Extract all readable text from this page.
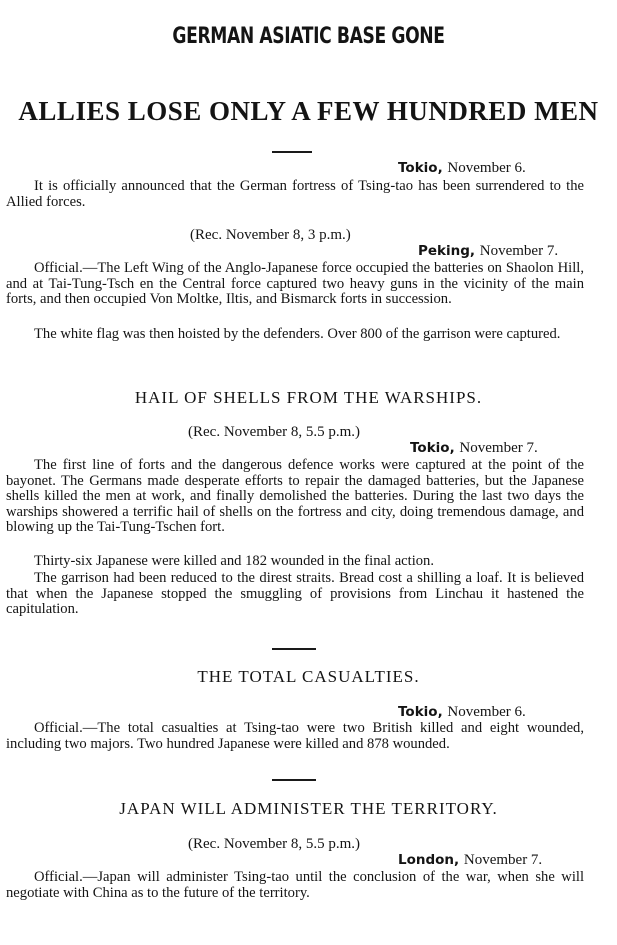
GERMAN ASIATIC BASE GONE
ALLIES LOSE ONLY A FEW HUNDRED MEN
Tokio, November 6.

It is officially announced that the German fortress of Tsing-tao has been surrendered to the Allied forces.

(Rec. November 8, 3 p.m.)
Peking, November 7.

Official.—The Left Wing of the Anglo-Japanese force occupied the batteries on Shaolon Hill, and at Tai-Tung-Tsch en the Central force captured two heavy guns in the vicinity of the main forts, and then occupied Von Moltke, Iltis, and Bismarck forts in succession.

The white flag was then hoisted by the defenders. Over 800 of the garrison were captured.

HAIL OF SHELLS FROM THE WARSHIPS.
(Rec. November 8, 5.5 p.m.)
Tokio, November 7.

The first line of forts and the dangerous defence works were captured at the point of the bayonet. The Germans made desperate efforts to repair the damaged batteries, but the Japanese shells killed the men at work, and finally demolished the batteries. During the last two days the warships showered a terrific hail of shells on the fortress and city, doing tremendous damage, and blowing up the Tai-Tung-Tschen fort.

Thirty-six Japanese were killed and 182 wounded in the final action.

The garrison had been reduced to the direst straits. Bread cost a shilling a loaf. It is believed that when the Japanese stopped the smuggling of provisions from Linchau it hastened the capitulation.

THE TOTAL CASUALTIES.
Tokio, November 6.

Official.—The total casualties at Tsing-tao were two British killed and eight wounded, including two majors. Two hundred Japanese were killed and 878 wounded.

JAPAN WILL ADMINISTER THE TERRITORY.
(Rec. November 8, 5.5 p.m.)
London, November 7.

Official.—Japan will administer Tsing-tao until the conclusion of the war, when she will negotiate with China as to the future of the territory.
